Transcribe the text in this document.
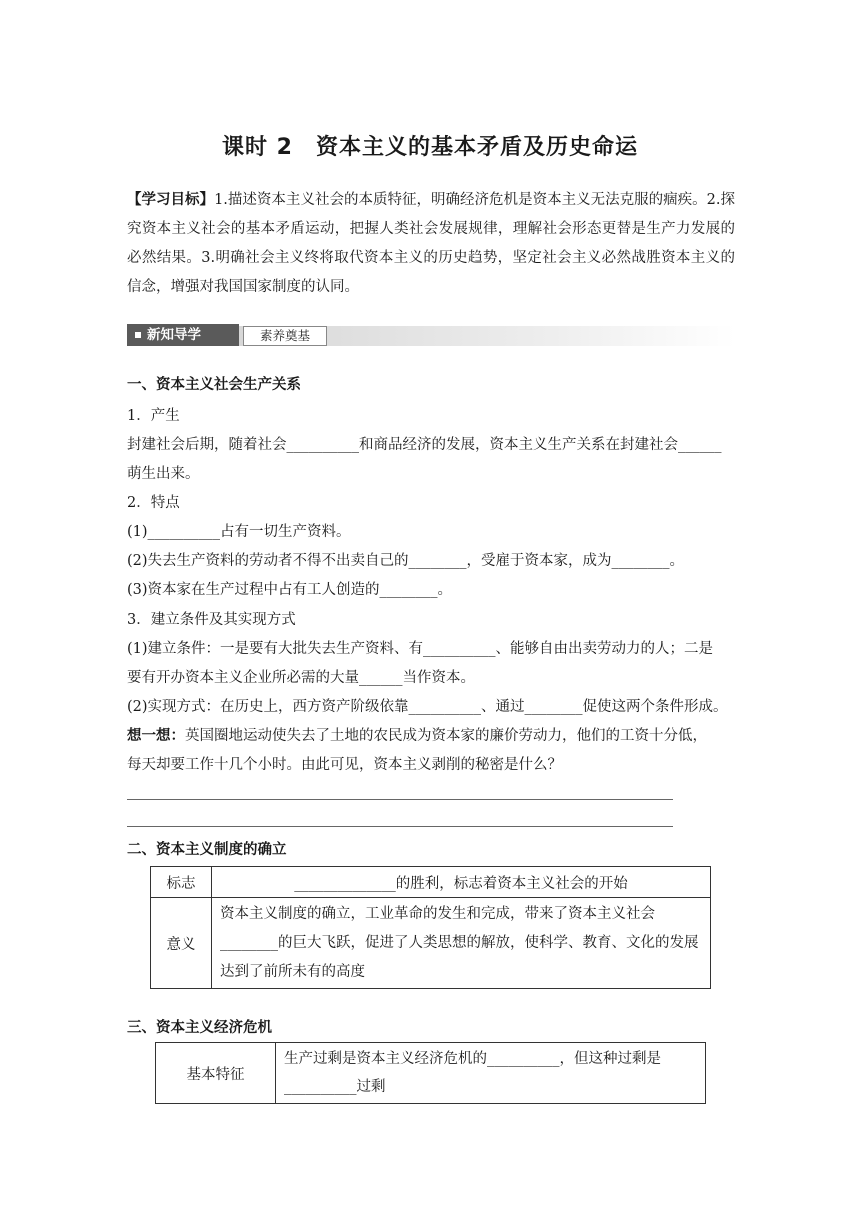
课时 2　资本主义的基本矛盾及历史命运
【学习目标】1.描述资本主义社会的本质特征，明确经济危机是资本主义无法克服的痼疾。2.探究资本主义社会的基本矛盾运动，把握人类社会发展规律，理解社会形态更替是生产力发展的必然结果。3.明确社会主义终将取代资本主义的历史趋势，坚定社会主义必然战胜资本主义的信念，增强对我国国家制度的认同。
新知导学	素养奠基
一、资本主义社会生产关系
1．产生
封建社会后期，随着社会__________和商品经济的发展，资本主义生产关系在封建社会______
萌生出来。
2．特点
(1)__________占有一切生产资料。
(2)失去生产资料的劳动者不得不出卖自己的________，受雇于资本家，成为________。
(3)资本家在生产过程中占有工人创造的________。
3．建立条件及其实现方式
(1)建立条件：一是要有大批失去生产资料、有__________、能够自由出卖劳动力的人；二是
要有开办资本主义企业所必需的大量______当作资本。
(2)实现方式：在历史上，西方资产阶级依靠__________、通过________促使这两个条件形成。
想一想：英国圈地运动使失去了土地的农民成为资本家的廉价劳动力，他们的工资十分低，
每天却要工作十几个小时。由此可见，资本主义剥削的秘密是什么？
二、资本主义制度的确立
标志	______________的胜利，标志着资本主义社会的开始
意义	资本主义制度的确立，工业革命的发生和完成，带来了资本主义社会________的巨大飞跃，促进了人类思想的解放，使科学、教育、文化的发展达到了前所未有的高度
三、资本主义经济危机
基本特征	生产过剩是资本主义经济危机的__________，但这种过剩是__________过剩
